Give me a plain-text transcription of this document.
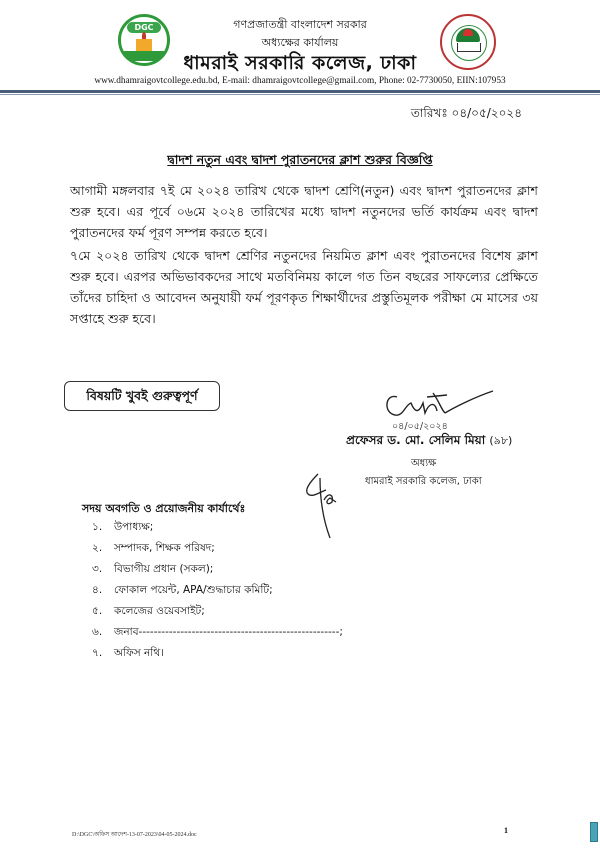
DGC	গণপ্রজাতন্ত্রী বাংলাদেশ সরকার
অধ্যক্ষের কার্যালয়
ধামরাই সরকারি কলেজ, ঢাকা
www.dhamraigovtcollege.edu.bd, E-mail: dhamraigovtcollege@gmail.com, Phone: 02-7730050, EIIN:107953
তারিখঃ ০৪/০৫/২০২৪
দ্বাদশ নতুন এবং দ্বাদশ পুরাতনদের ক্লাশ শুরুর বিজ্ঞপ্তি
আগামী মঙ্গলবার ৭ই মে ২০২৪ তারিখ থেকে দ্বাদশ শ্রেণি(নতুন) এবং দ্বাদশ পুরাতনদের ক্লাশ শুরু হবে। এর পূর্বে ০৬মে ২০২৪ তারিখের মধ্যে দ্বাদশ নতুনদের ভর্তি কার্যক্রম এবং দ্বাদশ পুরাতনদের ফর্ম পূরণ সম্পন্ন করতে হবে।
৭মে ২০২৪ তারিখ থেকে দ্বাদশ শ্রেণির নতুনদের নিয়মিত ক্লাশ এবং পুরাতনদের বিশেষ ক্লাশ শুরু হবে। এরপর অভিভাবকদের সাথে মতবিনিময় কালে গত তিন বছরের সাফল্যের প্রেক্ষিতে তাঁদের চাহিদা ও আবেদন অনুযায়ী ফর্ম পূরণকৃত শিক্ষার্থীদের প্রস্তুতিমূলক পরীক্ষা মে মাসের ৩য় সপ্তাহে শুরু হবে।
বিষয়টি খুবই গুরুত্বপূর্ণ
০৪/০৫/২০২৪
প্রফেসর ড. মো. সেলিম মিয়া (৯৮)
অধ্যক্ষ
ধামরাই সরকারি কলেজ, ঢাকা
সদয় অবগতি ও প্রয়োজনীয় কার্যার্থেঃ
১. উপাধ্যক্ষ;
২. সম্পাদক, শিক্ষক পরিষদ;
৩. বিভাগীয় প্রধান (সকল);
৪. ফোকাল পয়েন্ট, APA/শুদ্ধাচার কমিটি;
৫. কলেজের ওয়েবসাইট;
৬. জনাব-----------------------------------------------------;
৭. অফিস নথি।
D:\DGC\অফিস আদেশ-13-07-2023\04-05-2024.doc	1
